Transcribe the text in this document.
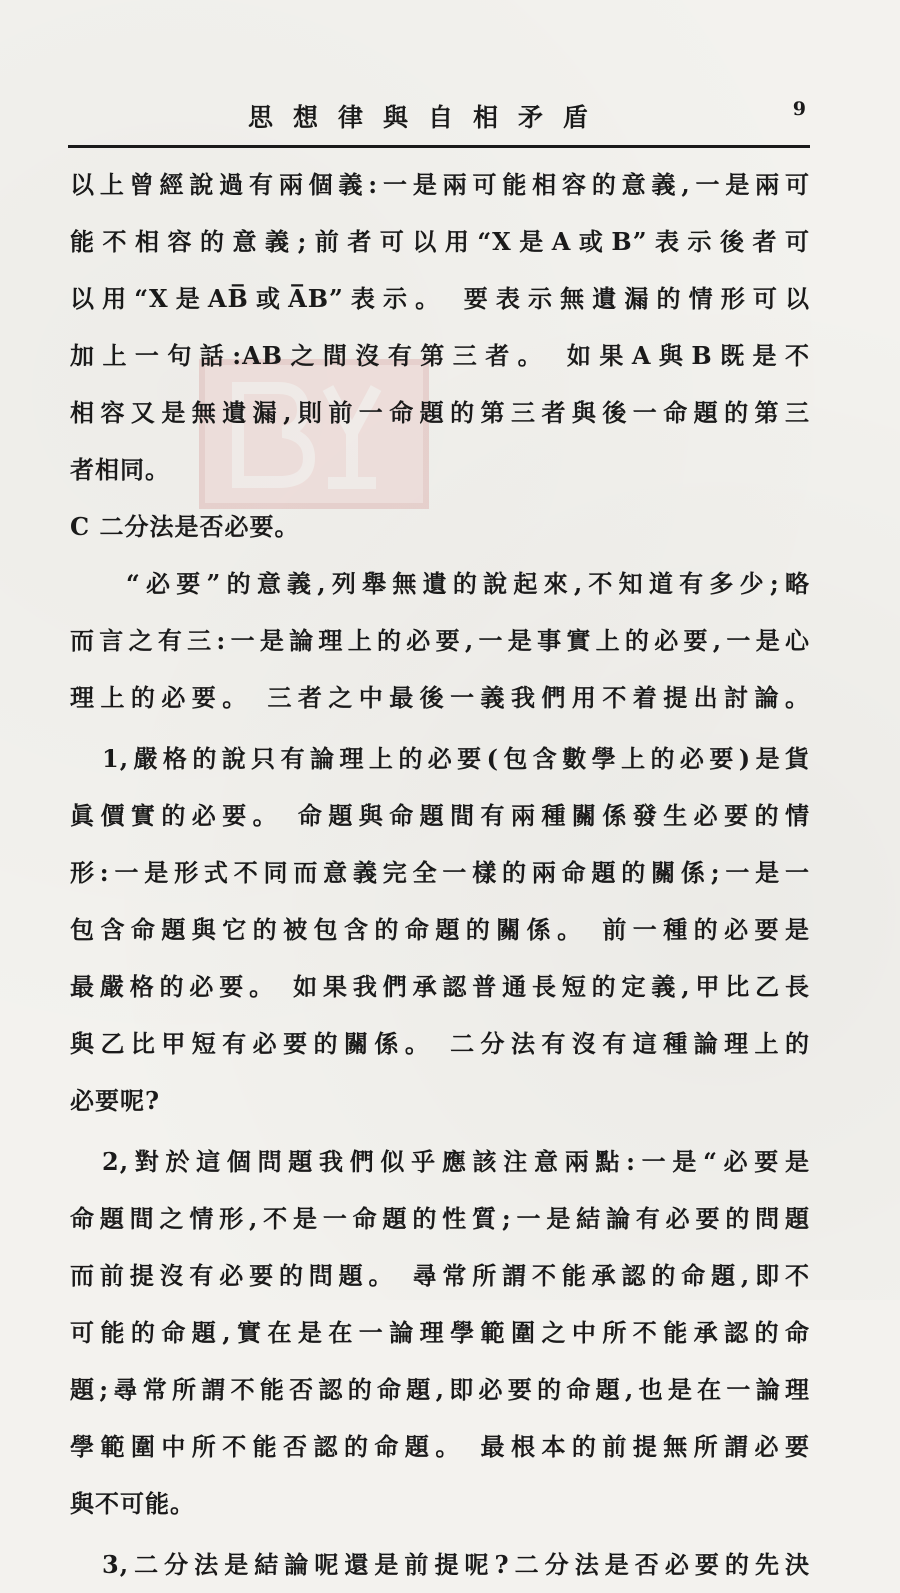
思想律與自相矛盾	9
以上曾經說過有兩個義:一是兩可能相容的意義,一是兩可
能不相容的意義;前者可以用“X是A或B”表示後者可
以用“X是AB̅或A̅B”表示。 要表示無遺漏的情形可以
加上一句話:AB之間沒有第三者。 如果A與B既是不
相容又是無遺漏,則前一命題的第三者與後一命題的第三
者相同。
C 二分法是否必要。
“必要”的意義,列舉無遺的說起來,不知道有多少;略
而言之有三:一是論理上的必要,一是事實上的必要,一是心
理上的必要。 三者之中最後一義我們用不着提出討論。
1,嚴格的說只有論理上的必要(包含數學上的必要)是貨
眞價實的必要。 命題與命題間有兩種關係發生必要的情
形:一是形式不同而意義完全一樣的兩命題的關係;一是一
包含命題與它的被包含的命題的關係。 前一種的必要是
最嚴格的必要。 如果我們承認普通長短的定義,甲比乙長
與乙比甲短有必要的關係。 二分法有沒有這種論理上的
必要呢?
2,對於這個問題我們似乎應該注意兩點:一是“必要是
命題間之情形,不是一命題的性質;一是結論有必要的問題
而前提沒有必要的問題。 尋常所謂不能承認的命題,即不
可能的命題,實在是在一論理學範圍之中所不能承認的命
題;尋常所謂不能否認的命題,即必要的命題,也是在一論理
學範圍中所不能否認的命題。 最根本的前提無所謂必要
與不可能。
3,二分法是結論呢還是前提呢?二分法是否必要的先決
